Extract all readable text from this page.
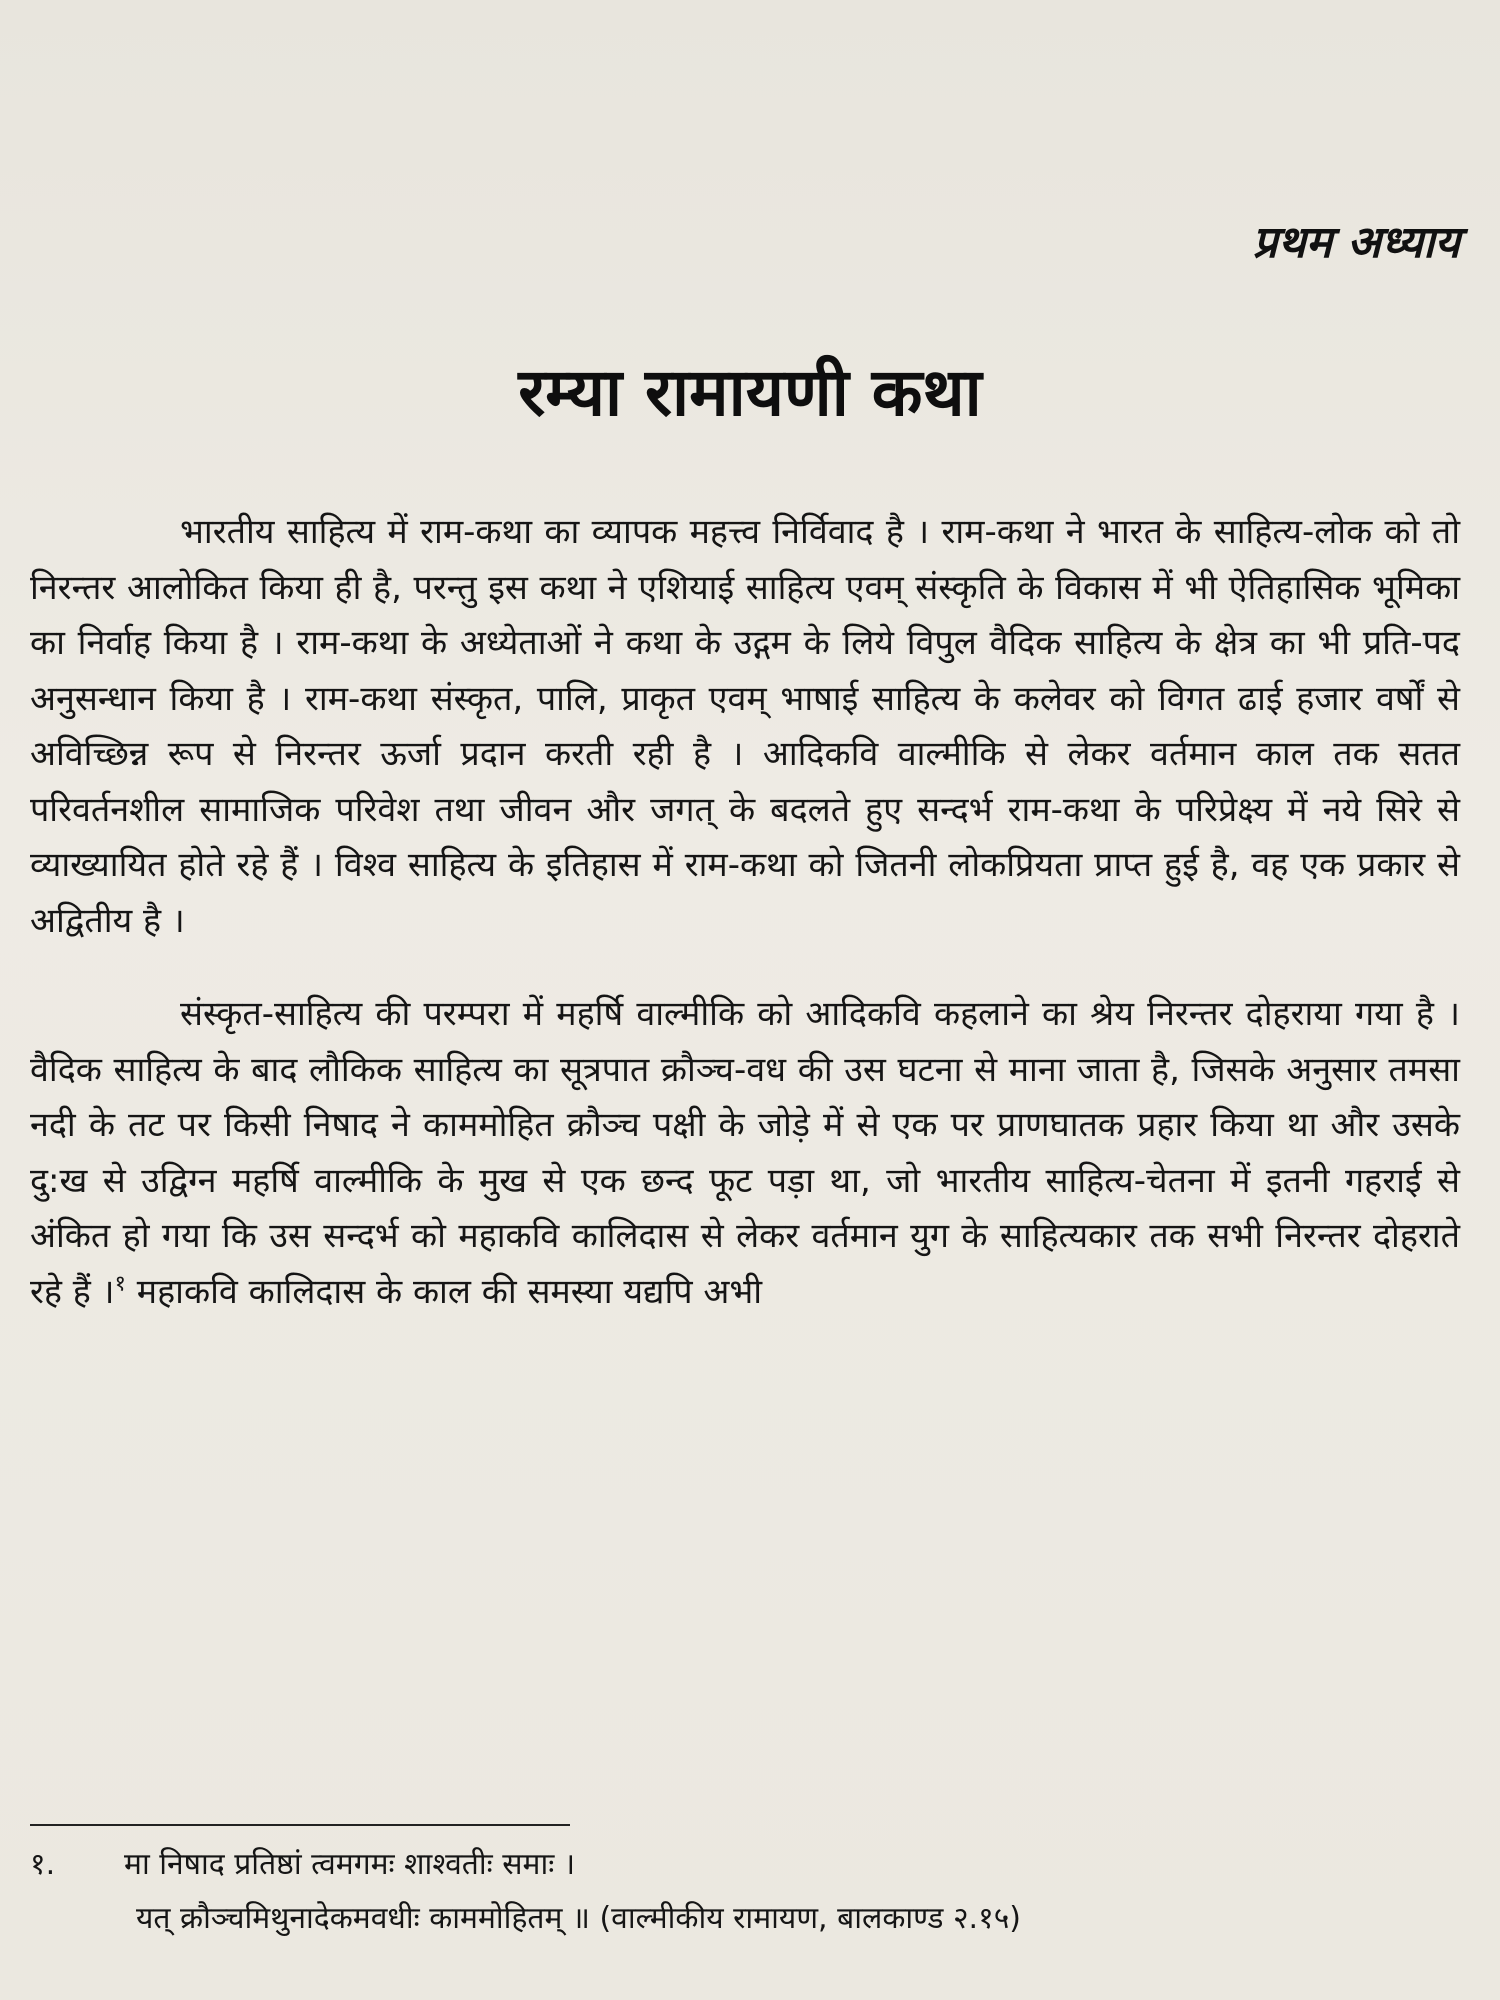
प्रथम अध्याय
रम्या रामायणी कथा

भारतीय साहित्य में राम-कथा का व्यापक महत्त्व निर्विवाद है । राम-कथा ने भारत के साहित्य-लोक को तो निरन्तर आलोकित किया ही है, परन्तु इस कथा ने एशियाई साहित्य एवम् संस्कृति के विकास में भी ऐतिहासिक भूमिका का निर्वाह किया है । राम-कथा के अध्येताओं ने कथा के उद्गम के लिये विपुल वैदिक साहित्य के क्षेत्र का भी प्रति-पद अनुसन्धान किया है । राम-कथा संस्कृत, पालि, प्राकृत एवम् भाषाई साहित्य के कलेवर को विगत ढाई हजार वर्षों से अविच्छिन्न रूप से निरन्तर ऊर्जा प्रदान करती रही है । आदिकवि वाल्मीकि से लेकर वर्तमान काल तक सतत परिवर्तनशील सामाजिक परिवेश तथा जीवन और जगत् के बदलते हुए सन्दर्भ राम-कथा के परिप्रेक्ष्य में नये सिरे से व्याख्यायित होते रहे हैं । विश्व साहित्य के इतिहास में राम-कथा को जितनी लोकप्रियता प्राप्त हुई है, वह एक प्रकार से अद्वितीय है ।

संस्कृत-साहित्य की परम्परा में महर्षि वाल्मीकि को आदिकवि कहलाने का श्रेय निरन्तर दोहराया गया है । वैदिक साहित्य के बाद लौकिक साहित्य का सूत्रपात क्रौञ्च-वध की उस घटना से माना जाता है, जिसके अनुसार तमसा नदी के तट पर किसी निषाद ने काममोहित क्रौञ्च पक्षी के जोड़े में से एक पर प्राणघातक प्रहार किया था और उसके दु:ख से उद्विग्न महर्षि वाल्मीकि के मुख से एक छन्द फूट पड़ा था, जो भारतीय साहित्य-चेतना में इतनी गहराई से अंकित हो गया कि उस सन्दर्भ को महाकवि कालिदास से लेकर वर्तमान युग के साहित्यकार तक सभी निरन्तर दोहराते रहे हैं ।$^१$ महाकवि कालिदास के काल की समस्या यद्यपि अभी

१. मा निषाद प्रतिष्ठां त्वमगमः शाश्वतीः समाः ।
यत् क्रौञ्चमिथुनादेकमवधीः काममोहितम् ॥ (वाल्मीकीय रामायण, बालकाण्ड २.१५)
